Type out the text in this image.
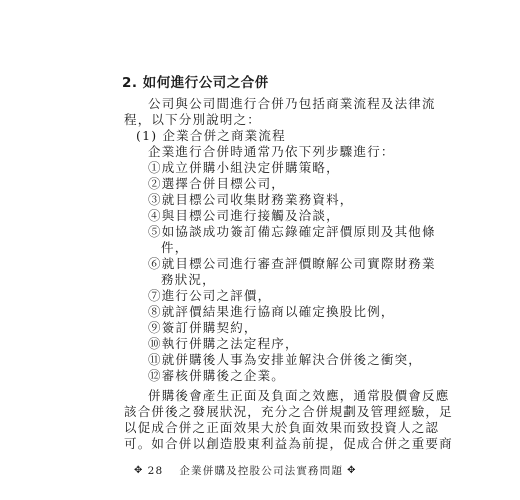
2. 如何進行公司之合併
公司與公司間進行合併乃包括商業流程及法律流
程，以下分別說明之：
(1) 企業合併之商業流程
企業進行合併時通常乃依下列步驟進行：
①成立併購小組決定併購策略，
②選擇合併目標公司，
③就目標公司收集財務業務資料，
④與目標公司進行接觸及洽談，
⑤如協談成功簽訂備忘錄確定評價原則及其他條
件，
⑥就目標公司進行審查評價瞭解公司實際財務業
務狀況，
⑦進行公司之評價，
⑧就評價結果進行協商以確定換股比例，
⑨簽訂併購契約，
⑩執行併購之法定程序，
⑪就併購後人事為安排並解決合併後之衝突，
⑫審核併購後之企業。
併購後會產生正面及負面之效應，通常股價會反應
該合併後之發展狀況，充分之合併規劃及管理經驗，足
以促成合併之正面效果大於負面效果而致投資人之認
可。如合併以創造股東利益為前提，促成合併之重要商
✥ 28 企業併購及控股公司法實務問題 ✥
